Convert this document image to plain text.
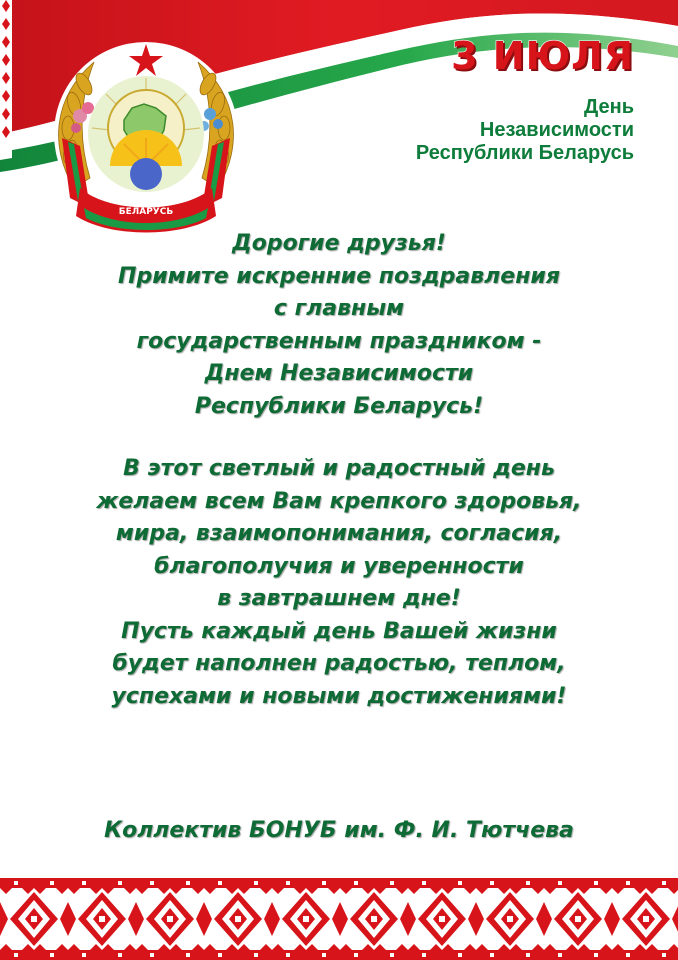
РЭСПУБЛІКА
БЕЛАРУСЬ
3 ИЮЛЯ
День
Независимости
Республики Беларусь
Дорогие друзья!
Примите искренние поздравления
с главным
государственным праздником -
Днем Независимости
Республики Беларусь!
В этот светлый и радостный день
желаем всем Вам крепкого здоровья,
мира, взаимопонимания, согласия,
благополучия и уверенности
в завтрашнем дне!
Пусть каждый день Вашей жизни
будет наполнен радостью, теплом,
успехами и новыми достижениями!
Коллектив БОНУБ им. Ф. И. Тютчева
